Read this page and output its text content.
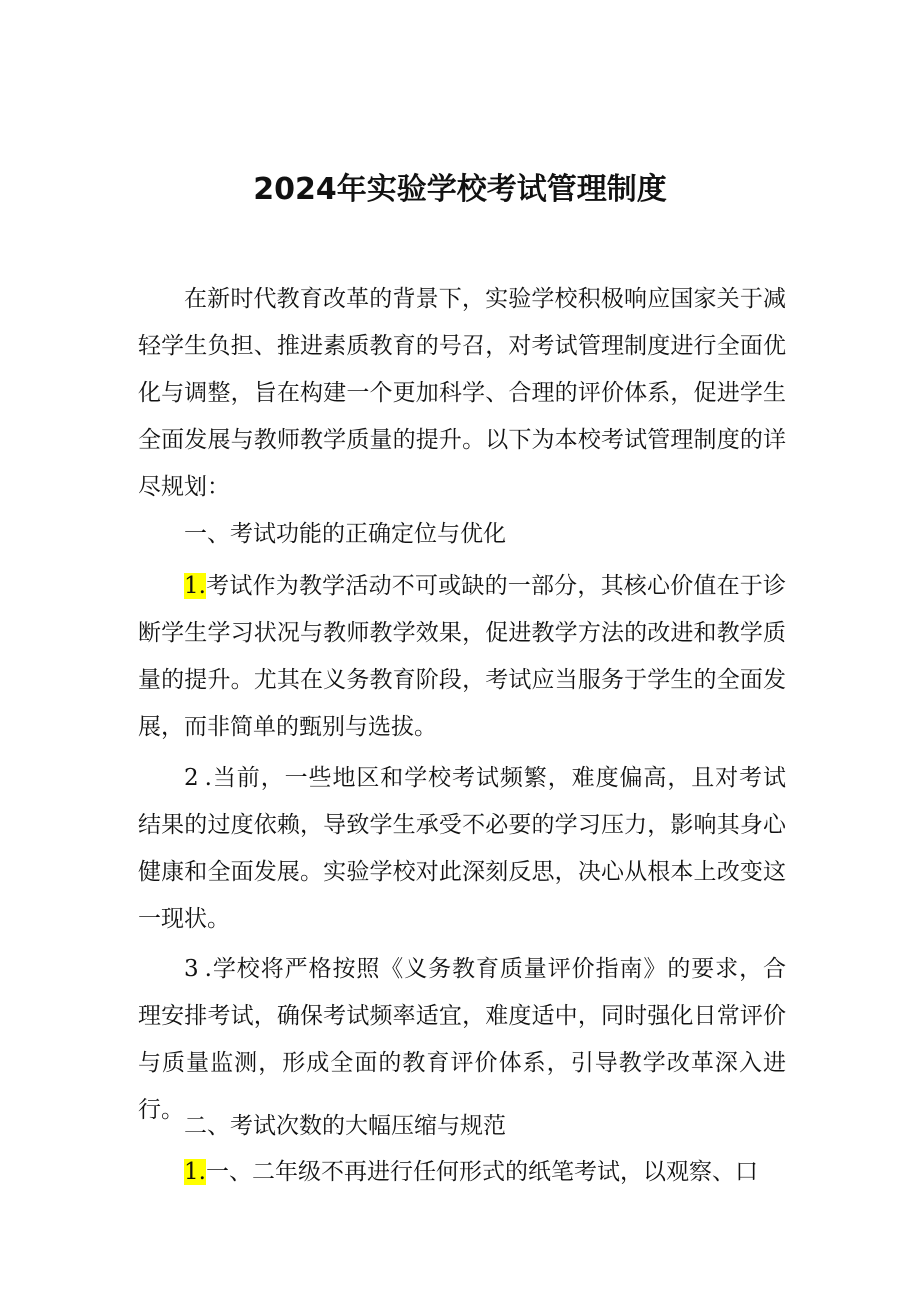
2024年实验学校考试管理制度

在新时代教育改革的背景下，实验学校积极响应国家关于减轻学生负担、推进素质教育的号召，对考试管理制度进行全面优化与调整，旨在构建一个更加科学、合理的评价体系，促进学生全面发展与教师教学质量的提升。以下为本校考试管理制度的详尽规划：

一、考试功能的正确定位与优化

1.考试作为教学活动不可或缺的一部分，其核心价值在于诊断学生学习状况与教师教学效果，促进教学方法的改进和教学质量的提升。尤其在义务教育阶段，考试应当服务于学生的全面发展，而非简单的甄别与选拔。

2 .当前，一些地区和学校考试频繁，难度偏高，且对考试结果的过度依赖，导致学生承受不必要的学习压力，影响其身心健康和全面发展。实验学校对此深刻反思，决心从根本上改变这一现状。

3 .学校将严格按照《义务教育质量评价指南》的要求，合理安排考试，确保考试频率适宜，难度适中，同时强化日常评价与质量监测，形成全面的教育评价体系，引导教学改革深入进行。

二、考试次数的大幅压缩与规范

1.一、二年级不再进行任何形式的纸笔考试，以观察、口
